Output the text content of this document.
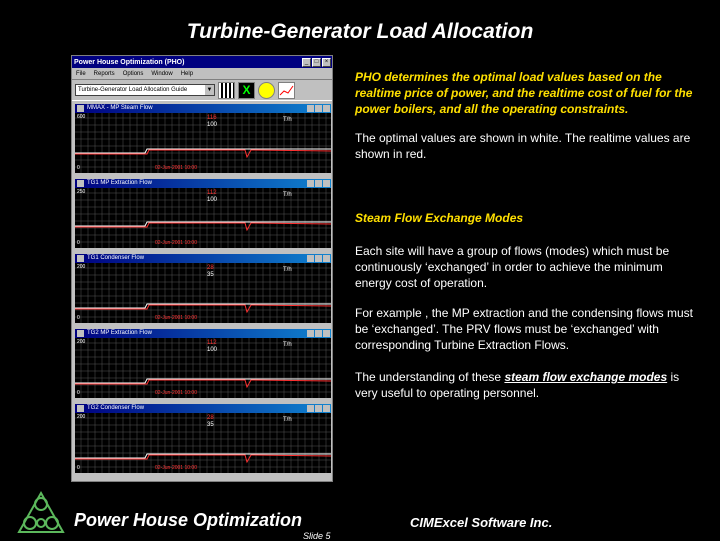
Turbine-Generator Load Allocation
Power House Optimization (PHO)	_	□	×
File Reports Options Window Help
Turbine-Generator Load Allocation Guide	▼	X
MMAX - MP Steam Flow
600
0
116
100
T/h
02-Jun-2001 10:00
TG1 MP Extraction Flow
250
0
112
100
T/h
02-Jun-2001 10:00
TG1 Condenser Flow
200
0
28
35
T/h
02-Jun-2001 10:00
TG2 MP Extraction Flow
200
0
112
100
T/h
02-Jun-2001 10:00
TG2 Condenser Flow
200
0
28
35
T/h
02-Jun-2001 10:00
PHO determines the optimal load values based on the realtime price of power, and the realtime cost of fuel for the power boilers, and all the operating constraints.
The optimal values are shown in white. The realtime values are shown in red.
Steam Flow Exchange Modes
Each site will have a group of flows (modes) which must be continuously ‘exchanged’ in order to achieve the minimum energy cost of operation.
For example , the MP extraction and the condensing flows must be ‘exchanged’. The PRV flows must be ‘exchanged’ with corresponding Turbine Extraction Flows.
The understanding of these steam flow exchange modes is very useful to operating personnel.
Power House Optimization	CIMExcel Software Inc.
Slide 5
